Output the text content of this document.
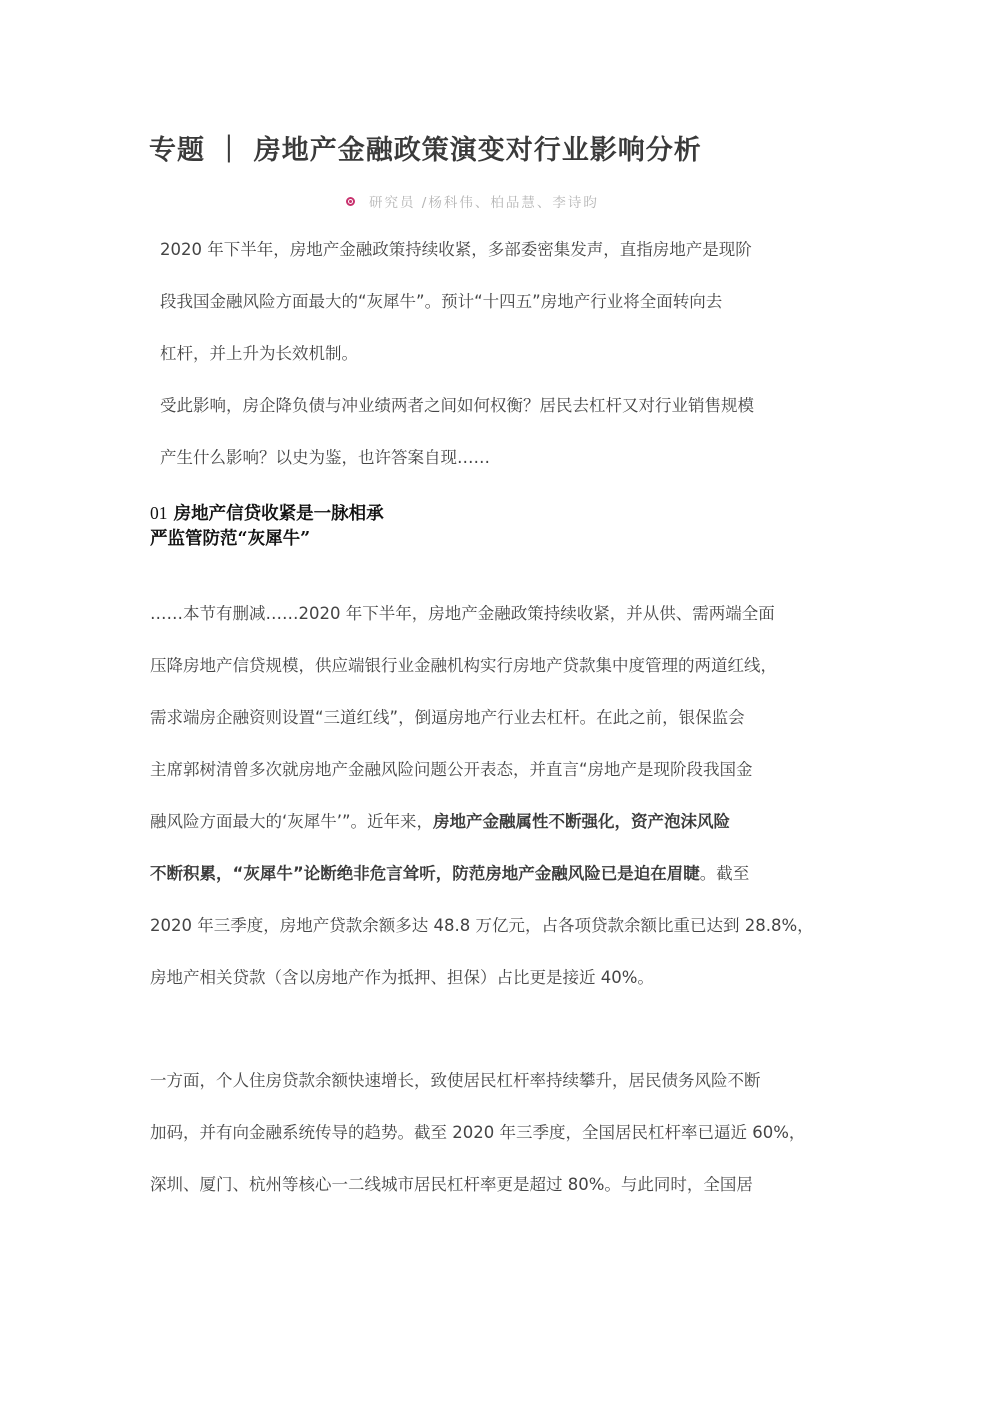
专题 ｜ 房地产金融政策演变对行业影响分析
研究员 /杨科伟、柏品慧、李诗昀

2020 年下半年，房地产金融政策持续收紧，多部委密集发声，直指房地产是现阶

段我国金融风险方面最大的“灰犀牛”。预计“十四五”房地产行业将全面转向去

杠杆，并上升为长效机制。

受此影响，房企降负债与冲业绩两者之间如何权衡？居民去杠杆又对行业销售规模

产生什么影响？以史为鉴，也许答案自现……

01 房地产信贷收紧是一脉相承
严监管防范“灰犀牛”

……本节有删减……2020 年下半年，房地产金融政策持续收紧，并从供、需两端全面

压降房地产信贷规模，供应端银行业金融机构实行房地产贷款集中度管理的两道红线，

需求端房企融资则设置“三道红线”，倒逼房地产行业去杠杆。在此之前，银保监会

主席郭树清曾多次就房地产金融风险问题公开表态，并直言“房地产是现阶段我国金

融风险方面最大的‘灰犀牛’”。近年来，房地产金融属性不断强化，资产泡沫风险

不断积累，“灰犀牛”论断绝非危言耸听，防范房地产金融风险已是迫在眉睫。截至

2020 年三季度，房地产贷款余额多达 48.8 万亿元，占各项贷款余额比重已达到 28.8%，

房地产相关贷款（含以房地产作为抵押、担保）占比更是接近 40%。

一方面，个人住房贷款余额快速增长，致使居民杠杆率持续攀升，居民债务风险不断

加码，并有向金融系统传导的趋势。截至 2020 年三季度，全国居民杠杆率已逼近 60%，

深圳、厦门、杭州等核心一二线城市居民杠杆率更是超过 80%。与此同时，全国居
